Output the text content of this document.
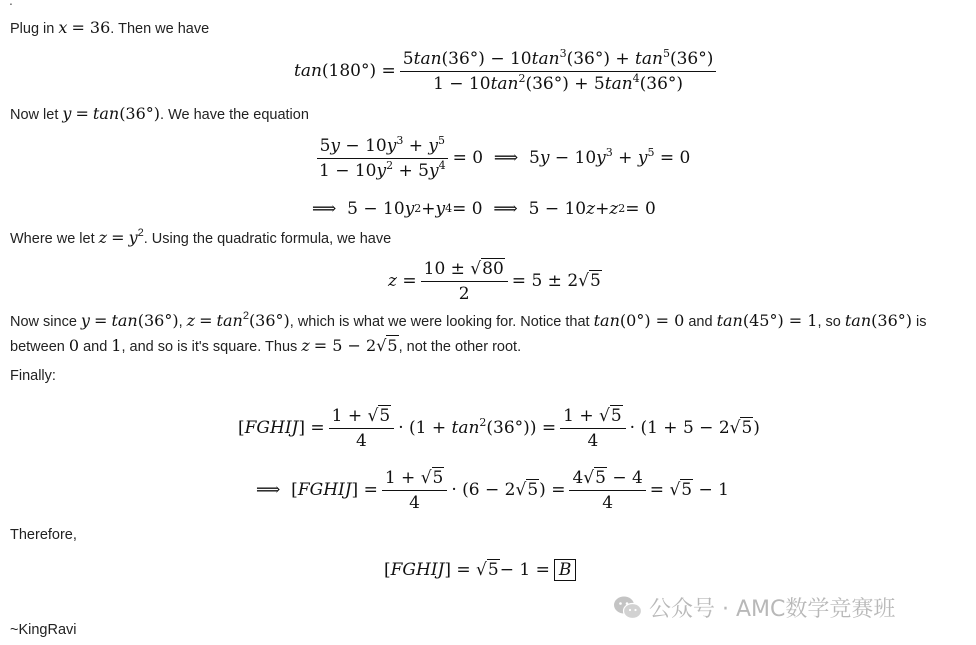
.
Plug in x = 36. Then we have
tan(180°) =
$5\tan(36^\circ) - 10\tan^3(36^\circ) + \tan^5(36^\circ)$
$1 - 10\tan^2(36^\circ) + 5\tan^4(36^\circ)$
Now let y = tan(36°). We have the equation
$\frac{5y - 10y^3 + y^5}{1 - 10y^2 + 5y^4} = 0$  ⟹  $5y - 10y^3 + y^5 = 0$
⟹  5 − 10 y 2 + y 4 = 0  ⟹  5 − 10 z + z 2 = 0
Where we let $z = y^2$. Using the quadratic formula, we have
$z = \frac{10 \pm √80}{2} = 5 \pm 2√5$
Now since y = tan(36°), $z = \tan^2(36^\circ)$, which is what we were looking for. Notice that tan(0°) = 0 and tan(45°) = 1, so tan(36°) is
between 0 and 1, and so is it's square. Thus z = 5 − 2√5, not the other root.
Finally:
[FGHIJ] = $\frac{1 + √5}{4} \cdot (1 + \tan^2(36^\circ)) = \frac{1 + √5}{4} \cdot (1 + 5 - 2√5)$
⟹  [FGHIJ] = $\frac{1 + √5}{4} \cdot (6 - 2√5) = \frac{4√5 - 4}{4} = √5 - 1$
Therefore,
[ FGHIJ ] = √ 5 − 1 = B
公众号 · AMC数学竞赛班
~KingRavi
